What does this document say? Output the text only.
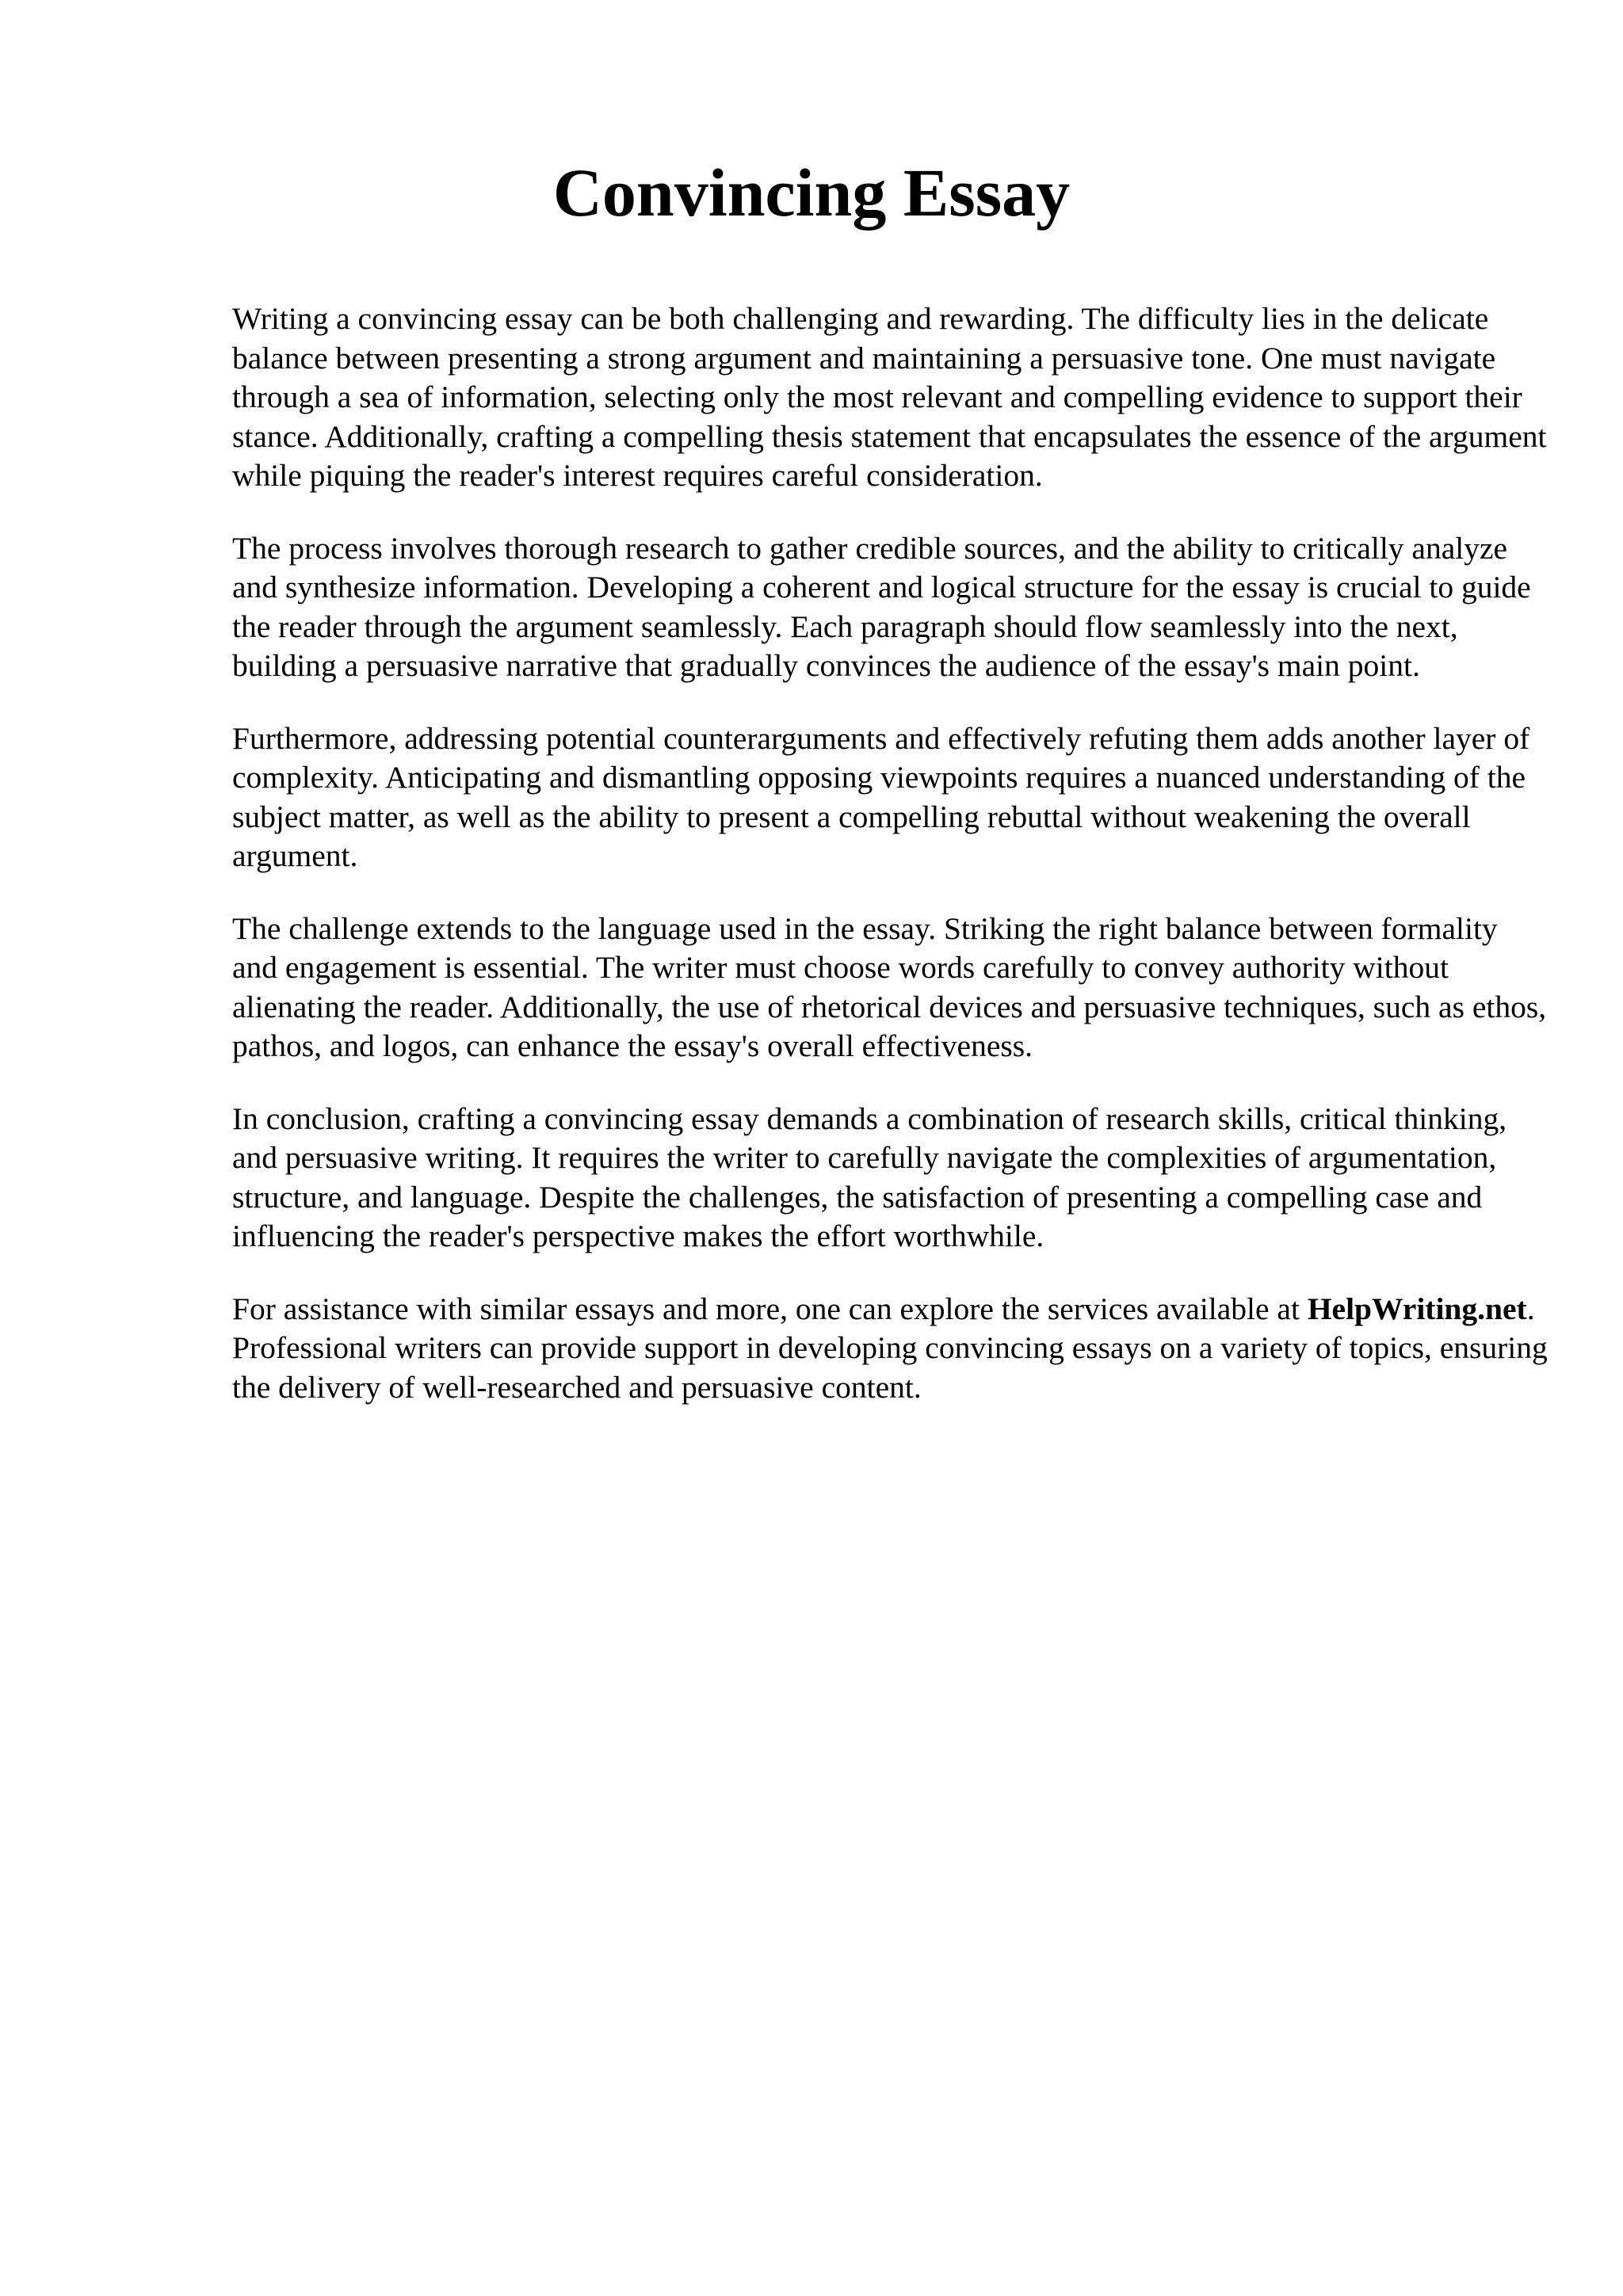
Convincing Essay

Writing a convincing essay can be both challenging and rewarding. The difficulty lies in the delicate balance between presenting a strong argument and maintaining a persuasive tone. One must navigate through a sea of information, selecting only the most relevant and compelling evidence to support their stance. Additionally, crafting a compelling thesis statement that encapsulates the essence of the argument while piquing the reader's interest requires careful consideration.

The process involves thorough research to gather credible sources, and the ability to critically analyze and synthesize information. Developing a coherent and logical structure for the essay is crucial to guide the reader through the argument seamlessly. Each paragraph should flow seamlessly into the next, building a persuasive narrative that gradually convinces the audience of the essay's main point.

Furthermore, addressing potential counterarguments and effectively refuting them adds another layer of complexity. Anticipating and dismantling opposing viewpoints requires a nuanced understanding of the subject matter, as well as the ability to present a compelling rebuttal without weakening the overall argument.

The challenge extends to the language used in the essay. Striking the right balance between formality and engagement is essential. The writer must choose words carefully to convey authority without alienating the reader. Additionally, the use of rhetorical devices and persuasive techniques, such as ethos, pathos, and logos, can enhance the essay's overall effectiveness.

In conclusion, crafting a convincing essay demands a combination of research skills, critical thinking, and persuasive writing. It requires the writer to carefully navigate the complexities of argumentation, structure, and language. Despite the challenges, the satisfaction of presenting a compelling case and influencing the reader's perspective makes the effort worthwhile.

For assistance with similar essays and more, one can explore the services available at HelpWriting.net. Professional writers can provide support in developing convincing essays on a variety of topics, ensuring the delivery of well-researched and persuasive content.
